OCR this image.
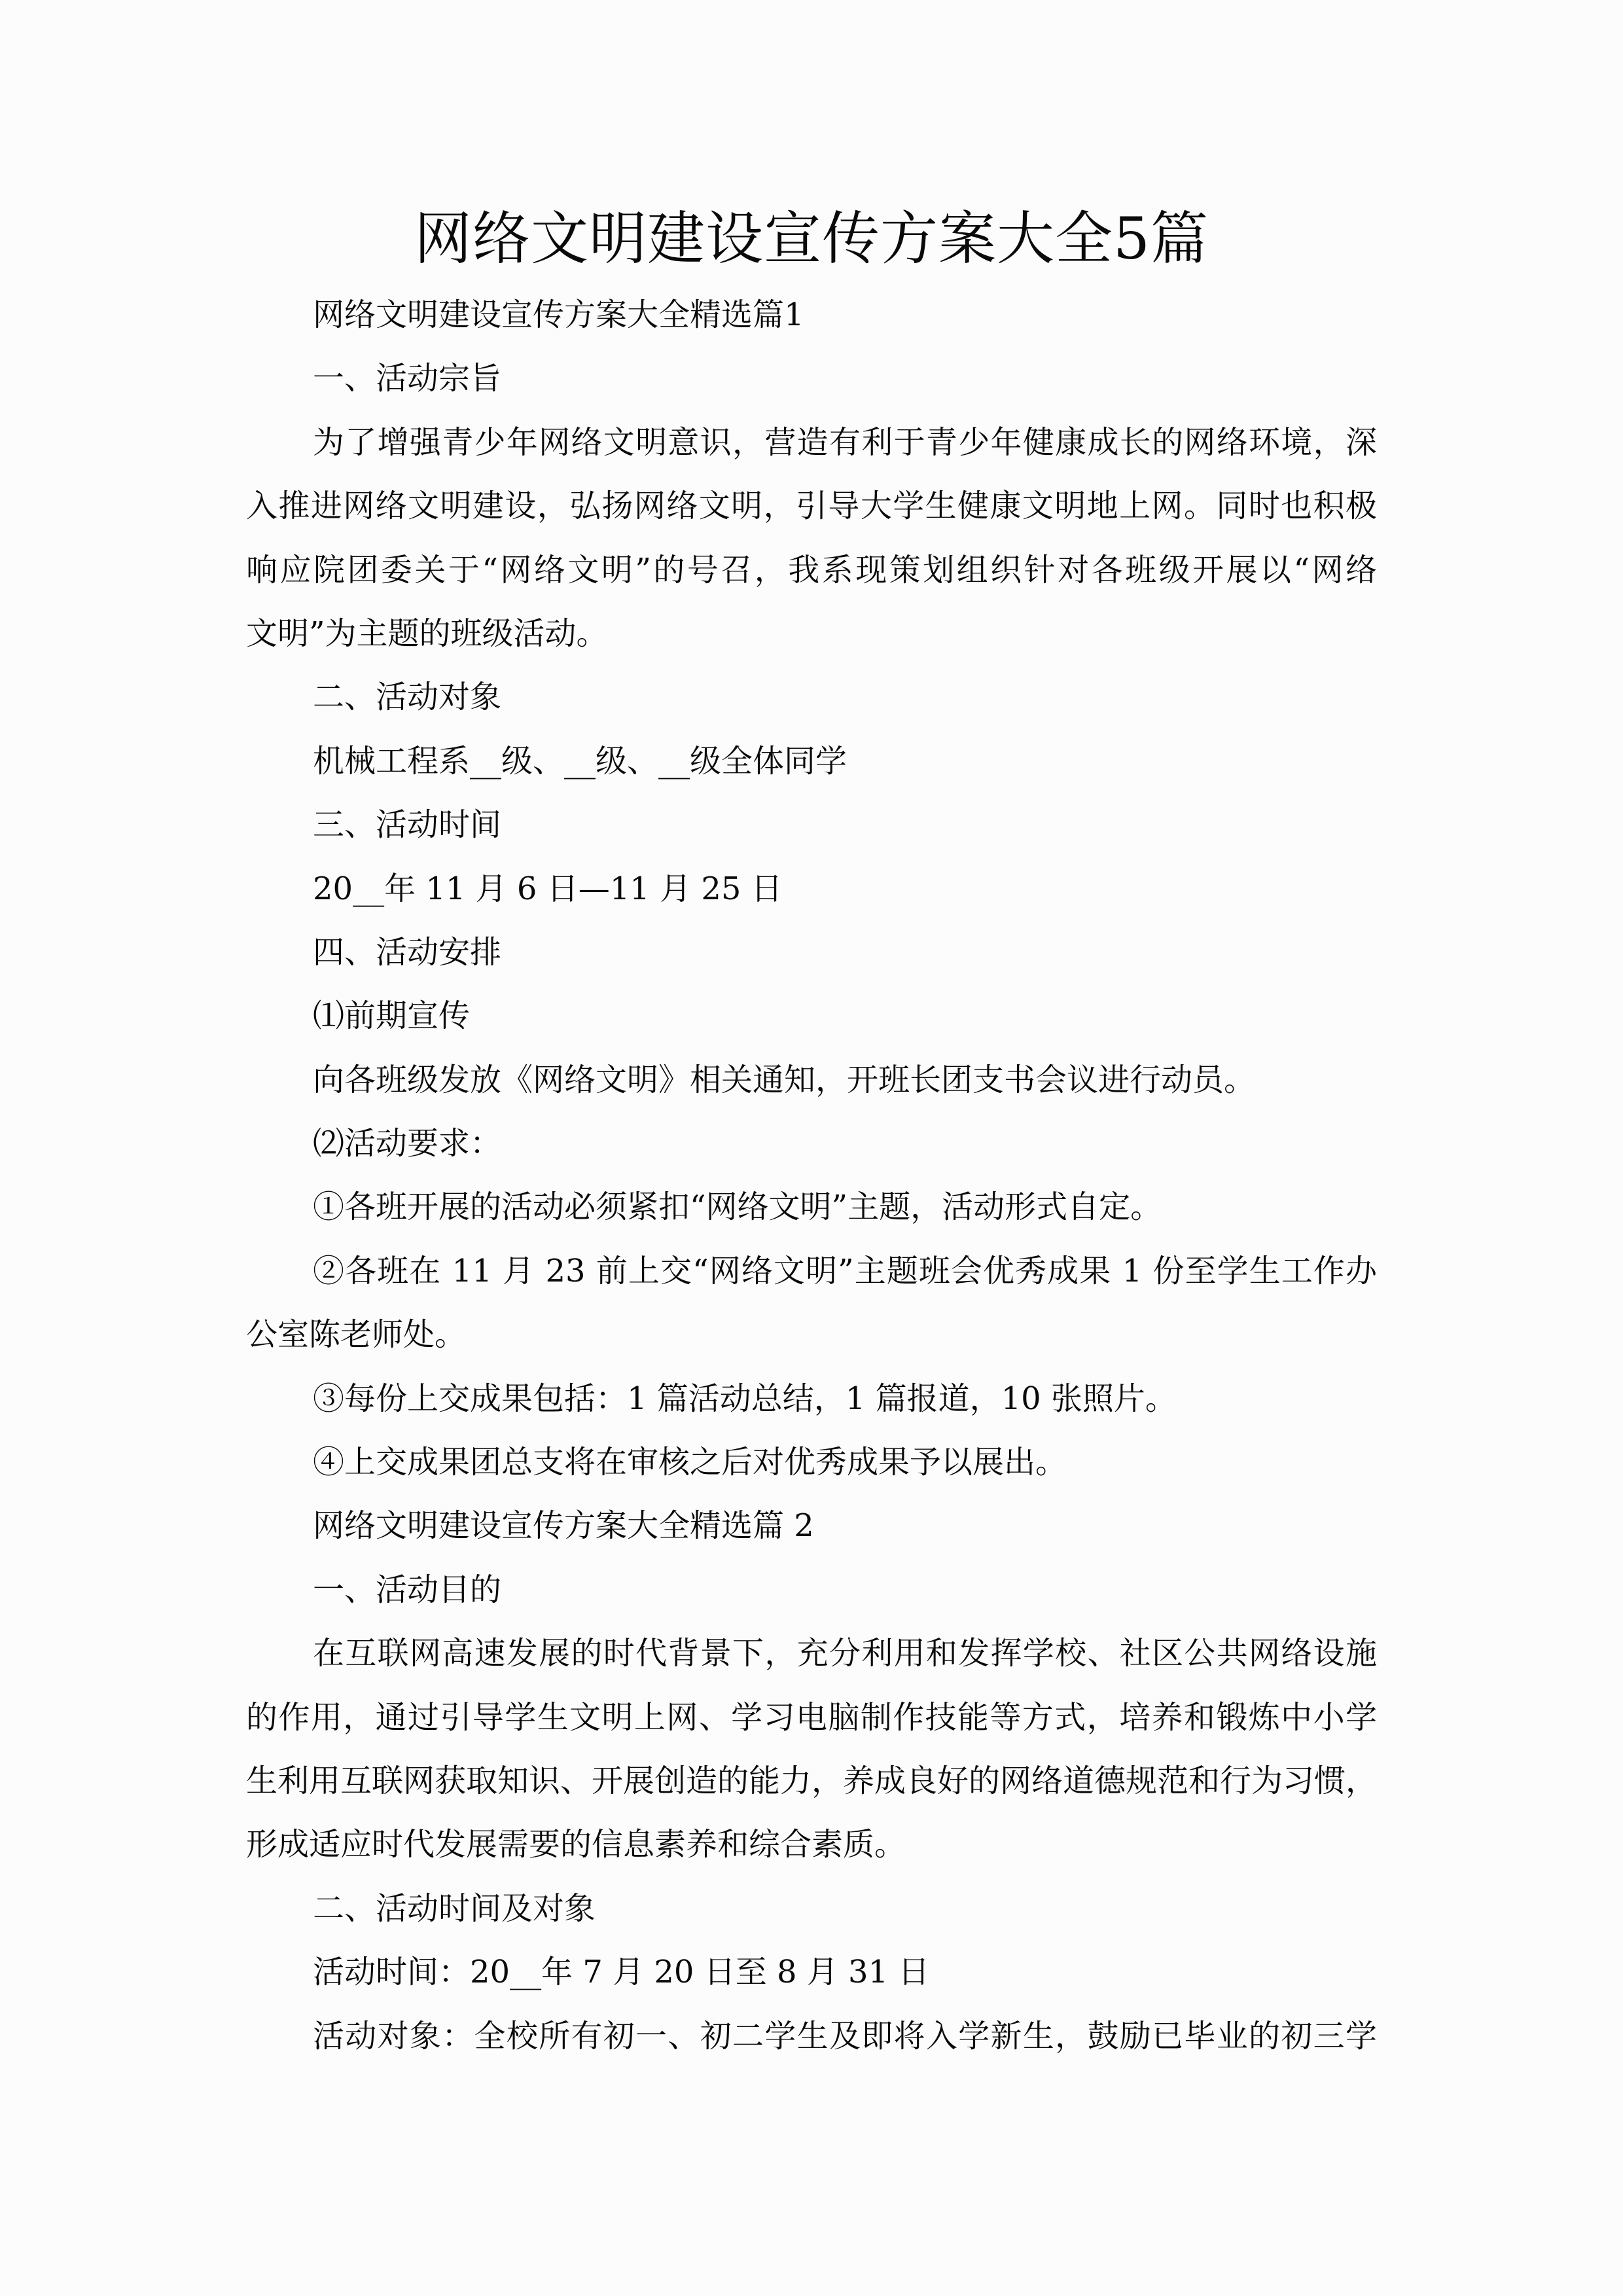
网络文明建设宣传方案大全5篇
网络文明建设宣传方案大全精选篇1
一、活动宗旨
为了增强青少年网络文明意识，营造有利于青少年健康成长的网络环境，深
入推进网络文明建设，弘扬网络文明，引导大学生健康文明地上网。同时也积极
响应院团委关于“网络文明”的号召，我系现策划组织针对各班级开展以“网络
文明”为主题的班级活动。
二、活动对象
机械工程系__级、__级、__级全体同学
三、活动时间
20__年 11 月 6 日—11 月 25 日
四、活动安排
⑴前期宣传
向各班级发放《网络文明》相关通知，开班长团支书会议进行动员。
⑵活动要求：
①各班开展的活动必须紧扣“网络文明”主题，活动形式自定。
②各班在 11 月 23 前上交“网络文明”主题班会优秀成果 1 份至学生工作办
公室陈老师处。
③每份上交成果包括：1 篇活动总结，1 篇报道，10 张照片。
④上交成果团总支将在审核之后对优秀成果予以展出。
网络文明建设宣传方案大全精选篇 2
一、活动目的
在互联网高速发展的时代背景下，充分利用和发挥学校、社区公共网络设施
的作用，通过引导学生文明上网、学习电脑制作技能等方式，培养和锻炼中小学
生利用互联网获取知识、开展创造的能力，养成良好的网络道德规范和行为习惯，
形成适应时代发展需要的信息素养和综合素质。
二、活动时间及对象
活动时间：20__年 7 月 20 日至 8 月 31 日
活动对象：全校所有初一、初二学生及即将入学新生，鼓励已毕业的初三学
